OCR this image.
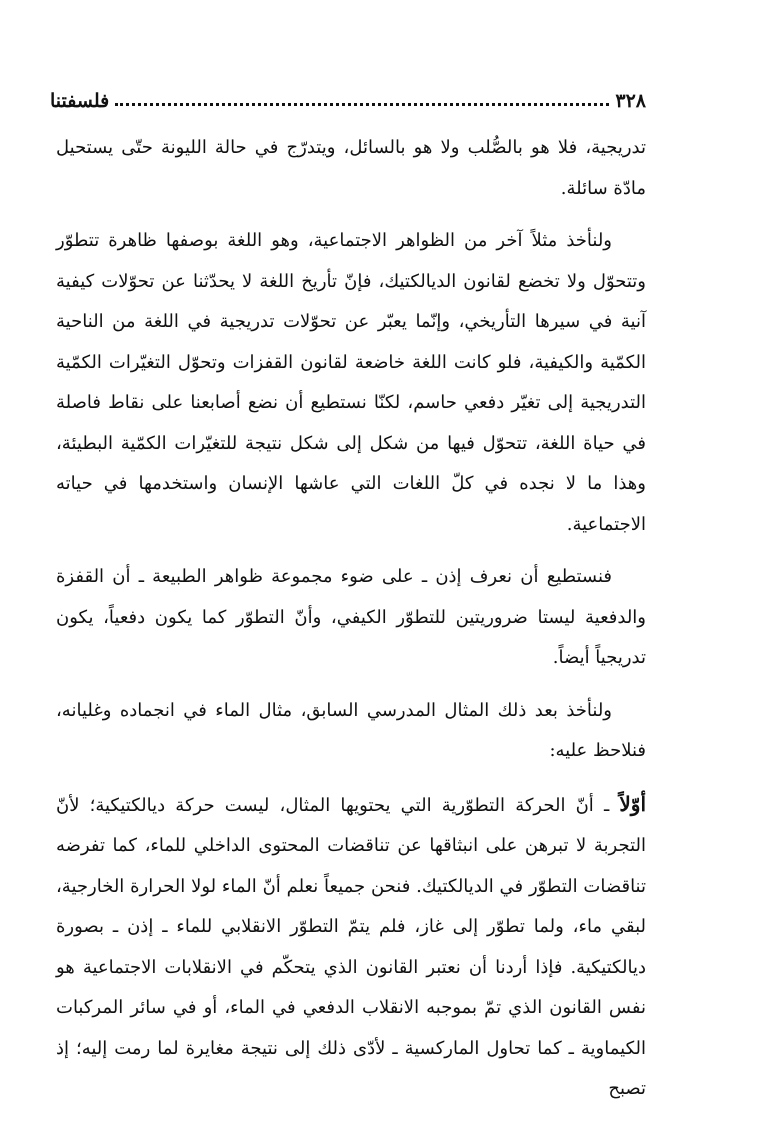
٣٢٨
فلسفتنا

تدريجية، فلا هو بالصُّلب ولا هو بالسائل، ويتدرّج في حالة الليونة حتّى يستحيل مادّة سائلة.

ولنأخذ مثلاً آخر من الظواهر الاجتماعية، وهو اللغة بوصفها ظاهرة تتطوّر وتتحوّل ولا تخضع لقانون الديالكتيك، فإنّ تأريخ اللغة لا يحدّثنا عن تحوّلات كيفية آنية في سيرها التأريخي، وإنّما يعبّر عن تحوّلات تدريجية في اللغة من الناحية الكمّية والكيفية، فلو كانت اللغة خاضعة لقانون القفزات وتحوّل التغيّرات الكمّية التدريجية إلى تغيّر دفعي حاسم، لكنّا نستطيع أن نضع أصابعنا على نقاط فاصلة في حياة اللغة، تتحوّل فيها من شكل إلى شكل نتيجة للتغيّرات الكمّية البطيئة، وهذا ما لا نجده في كلّ اللغات التي عاشها الإنسان واستخدمها في حياته الاجتماعية.

فنستطيع أن نعرف إذن ـ على ضوء مجموعة ظواهر الطبيعة ـ أن القفزة والدفعية ليستا ضروريتين للتطوّر الكيفي، وأنّ التطوّر كما يكون دفعياً، يكون تدريجياً أيضاً.

ولنأخذ بعد ذلك المثال المدرسي السابق، مثال الماء في انجماده وغليانه، فنلاحظ عليه:

أوّلاً ـ أنّ الحركة التطوّرية التي يحتويها المثال، ليست حركة ديالكتيكية؛ لأنّ التجربة لا تبرهن على انبثاقها عن تناقضات المحتوى الداخلي للماء، كما تفرضه تناقضات التطوّر في الديالكتيك. فنحن جميعاً نعلم أنّ الماء لولا الحرارة الخارجية، لبقي ماء، ولما تطوّر إلى غاز، فلم يتمّ التطوّر الانقلابي للماء ـ إذن ـ بصورة ديالكتيكية. فإذا أردنا أن نعتبر القانون الذي يتحكّم في الانقلابات الاجتماعية هو نفس القانون الذي تمّ بموجبه الانقلاب الدفعي في الماء، أو في سائر المركبات الكيماوية ـ كما تحاول الماركسية ـ لأدّى ذلك إلى نتيجة مغايرة لما رمت إليه؛ إذ تصبح
